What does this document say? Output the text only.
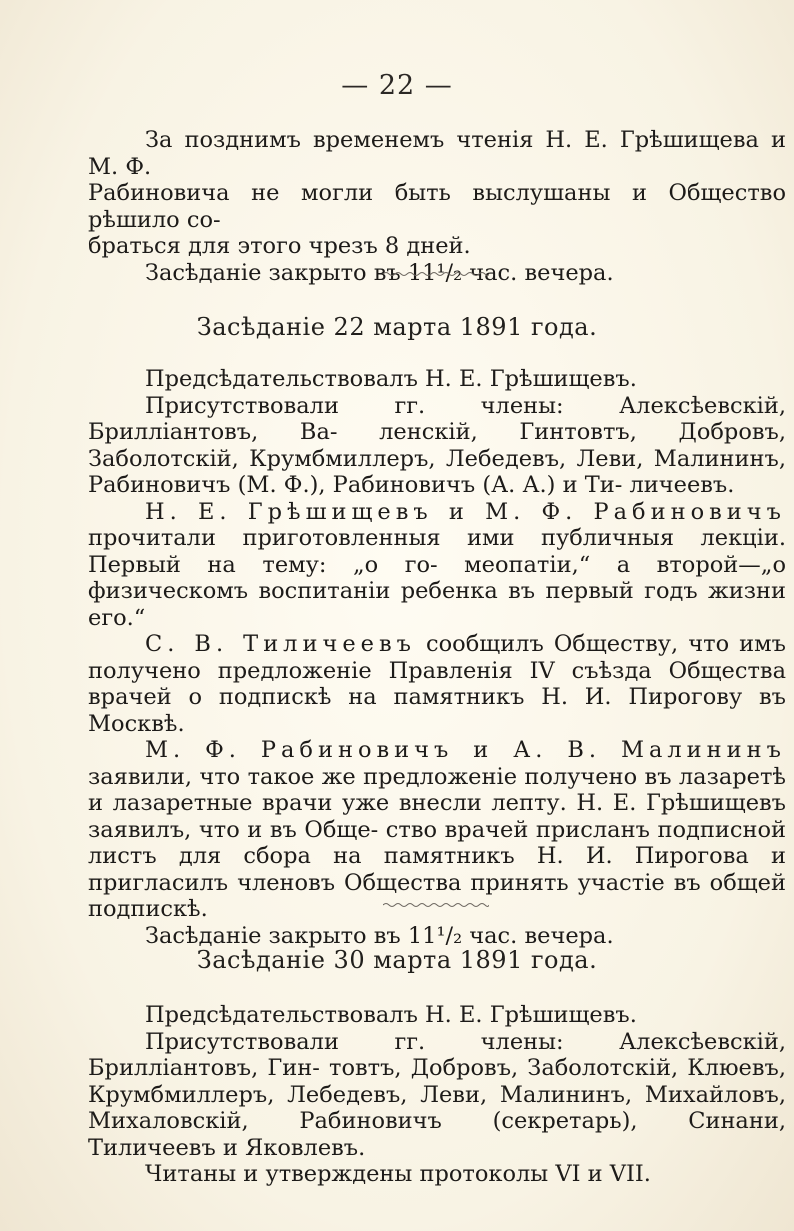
— 22 —

За позднимъ временемъ чтенія Н. Е. Грѣшищева и М. Ф.

Рабиновича не могли быть выслушаны и Общество рѣшило со-

браться для этого чрезъ 8 дней.

Засѣданіе закрыто въ 11¹/₂ час. вечера.

Засѣданіе 22 марта 1891 года.

Предсѣдательствовалъ Н. Е. Грѣшищевъ.

Присутствовали гг. члены: Алексѣевскій, Бриллiантовъ, Ва- ленскій, Гинтовтъ, Добровъ, Заболотскій, Крумбмиллеръ, Лебедевъ, Леви, Малининъ, Рабиновичъ (М. Ф.), Рабиновичъ (А. А.) и Ти- личеевъ.

Н. Е. Грѣшищевъ и М. Ф. Рабиновичъ прочитали приготовленныя ими публичныя лекціи. Первый на тему: „о го- меопатіи,“ а второй—„о физическомъ воспитаніи ребенка въ первый годъ жизни его.“

С. В. Тиличеевъ сообщилъ Обществу, что имъ получено предложеніе Правленія IV съѣзда Общества врачей о подпискѣ на памятникъ Н. И. Пирогову въ Москвѣ.

М. Ф. Рабиновичъ и А. В. Малининъ заявили, что такое же предложеніе получено въ лазаретѣ и лазаретные врачи уже внесли лепту. Н. Е. Грѣшищевъ заявилъ, что и въ Обще- ство врачей присланъ подписной листъ для сбора на памятникъ Н. И. Пирогова и пригласилъ членовъ Общества принять участіе въ общей подпискѣ.

Засѣданіе закрыто въ 11¹/₂ час. вечера.

Засѣданіе 30 марта 1891 года.

Предсѣдательствовалъ Н. Е. Грѣшищевъ.

Присутствовали гг. члены: Алексѣевскій, Бриллiантовъ, Гин- товтъ, Добровъ, Заболотскій, Клюевъ, Крумбмиллеръ, Лебедевъ, Леви, Малининъ, Михайловъ, Михаловскій, Рабиновичъ (секретарь), Синани, Тиличеевъ и Яковлевъ.

Читаны и утверждены протоколы VI и VII.
